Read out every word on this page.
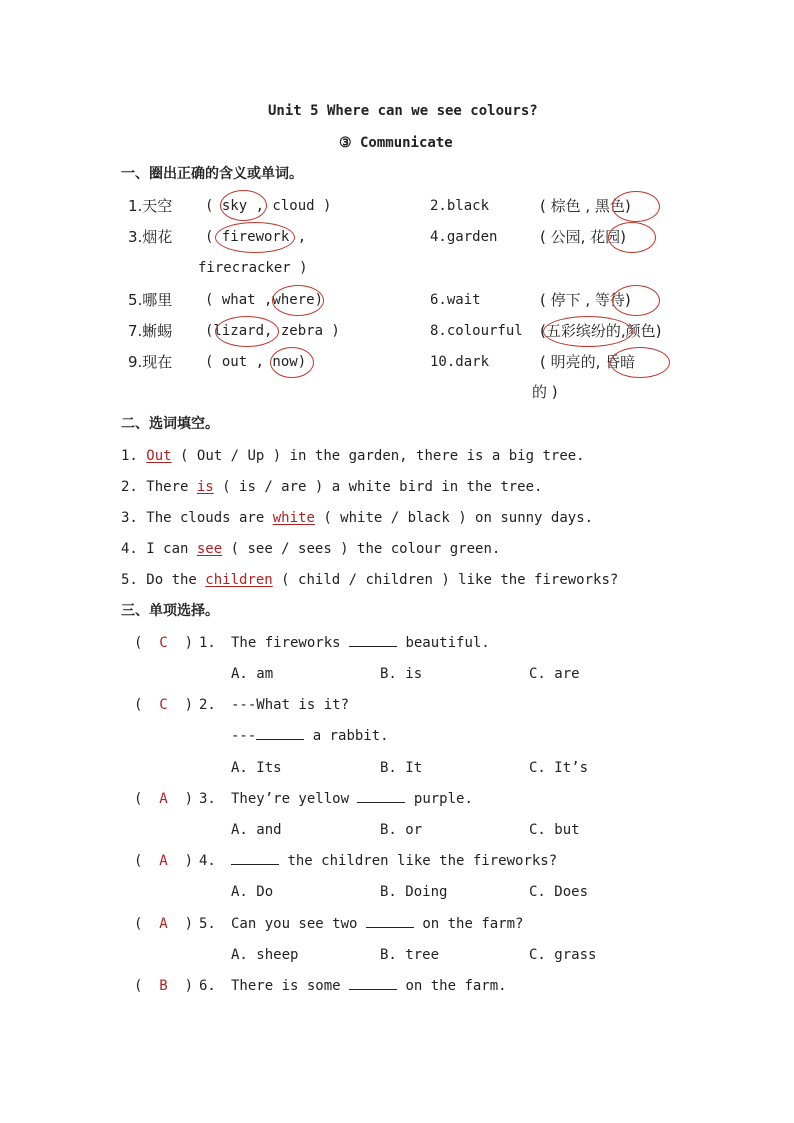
Unit 5 Where can we see colours?
③ Communicate
一、圈出正确的含义或单词。
1.天空 ( sky , cloud )	2.black	( 棕色 , 黑色)
3.烟花 ( firework ,	4.garden	( 公园, 花园)
firecracker )
5.哪里 ( what ,where)	6.wait	( 停下 , 等待)
7.蜥蜴 (lizard, zebra )	8.colourful (五彩缤纷的,颜色)
9.现在 ( out , now)	10.dark	( 明亮的, 昏暗
的 )
二、选词填空。
1. Out ( Out / Up ) in the garden, there is a big tree.
2. There is ( is / are ) a white bird in the tree.
3. The clouds are white ( white / black ) on sunny days.
4. I can see ( see / sees ) the colour green.
5. Do the children ( child / children ) like the fireworks?
三、单项选择。
(  C  ) 1. The fireworks	beautiful.
A. am	B. is	C. are
(  C  ) 2. ---What is it?
---	a rabbit.
A. Its	B. It	C. It’s
(  A  ) 3. They’re yellow	purple.
A. and	B. or	C. but
(  A  ) 4.	the children like the fireworks?
A. Do	B. Doing	C. Does
(  A  ) 5. Can you see two	on the farm?
A. sheep	B. tree	C. grass
(  B  ) 6. There is some	on the farm.
